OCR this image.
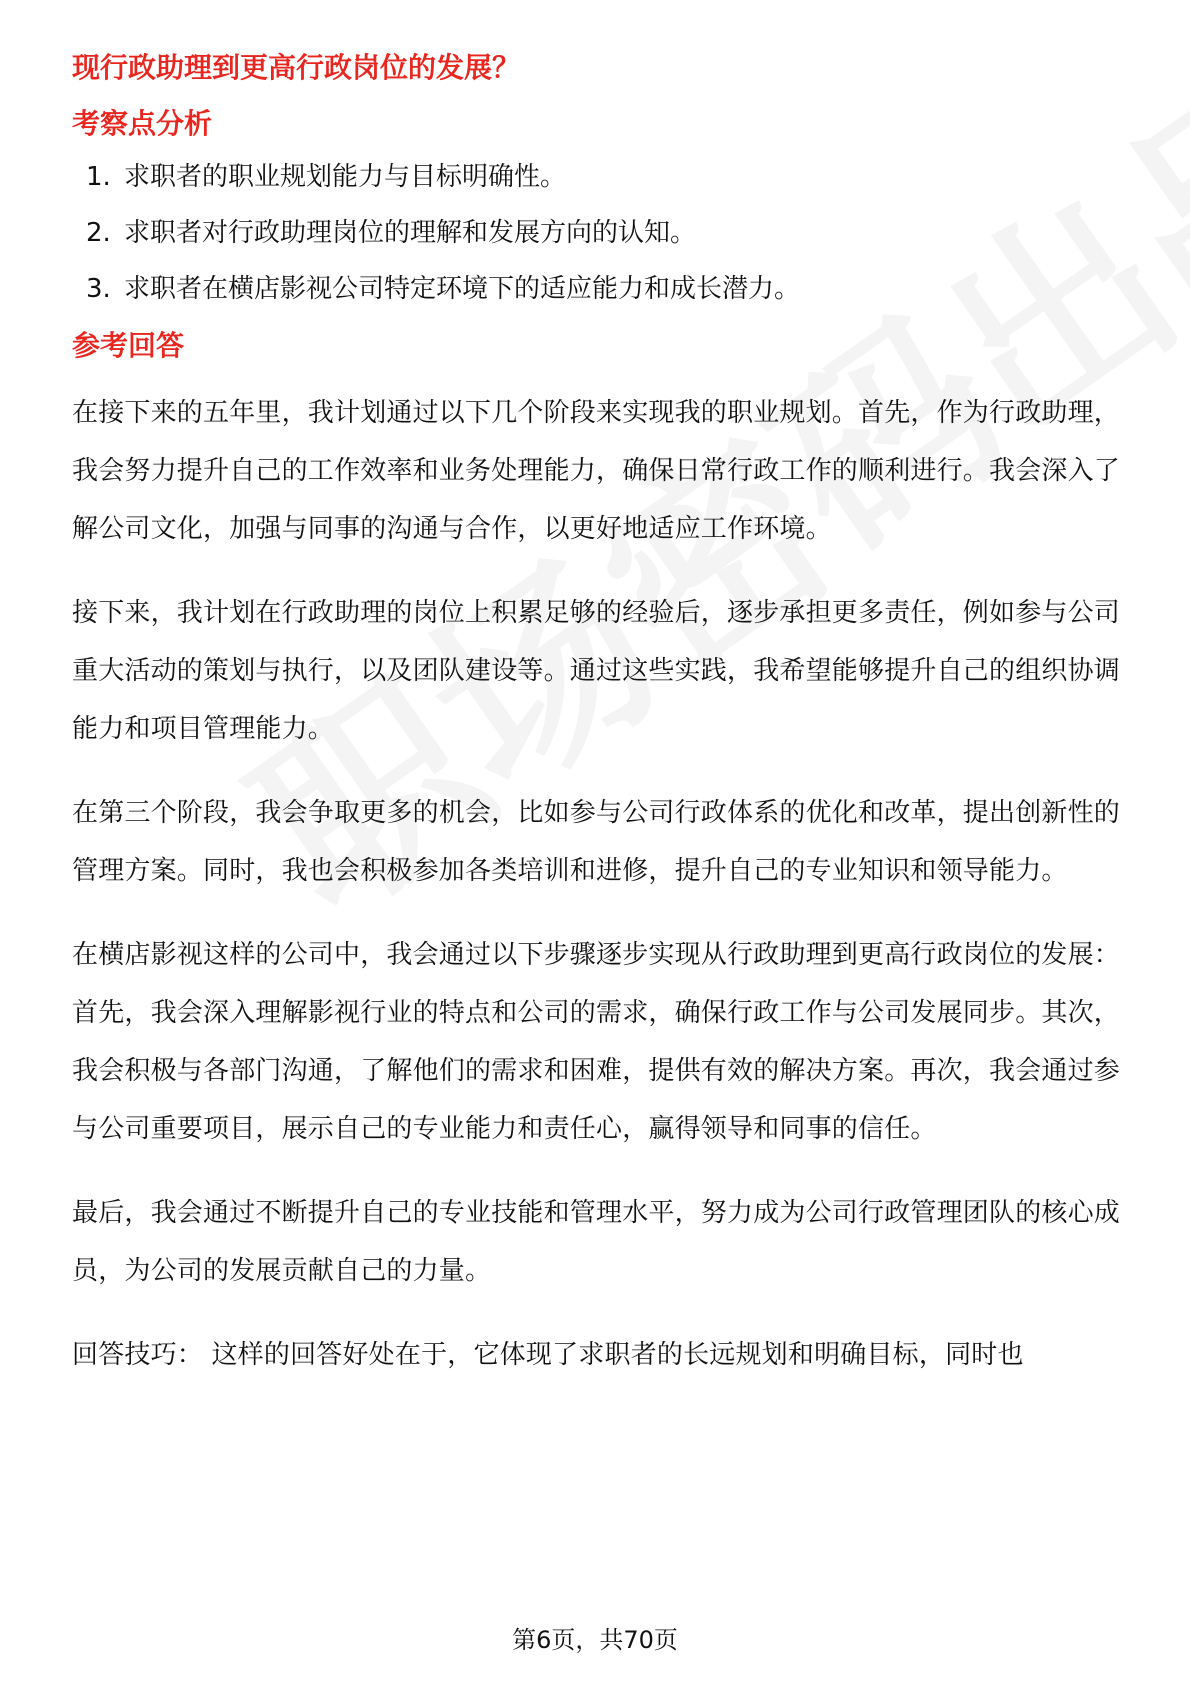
现行政助理到更高行政岗位的发展？
考察点分析
1. 求职者的职业规划能力与目标明确性。
2. 求职者对行政助理岗位的理解和发展方向的认知。
3. 求职者在横店影视公司特定环境下的适应能力和成长潜力。
参考回答

在接下来的五年里，我计划通过以下几个阶段来实现我的职业规划。首先，作为行政助理，我会努力提升自己的工作效率和业务处理能力，确保日常行政工作的顺利进行。我会深入了解公司文化，加强与同事的沟通与合作，以更好地适应工作环境。

接下来，我计划在行政助理的岗位上积累足够的经验后，逐步承担更多责任，例如参与公司重大活动的策划与执行，以及团队建设等。通过这些实践，我希望能够提升自己的组织协调能力和项目管理能力。

在第三个阶段，我会争取更多的机会，比如参与公司行政体系的优化和改革，提出创新性的管理方案。同时，我也会积极参加各类培训和进修，提升自己的专业知识和领导能力。

在横店影视这样的公司中，我会通过以下步骤逐步实现从行政助理到更高行政岗位的发展：首先，我会深入理解影视行业的特点和公司的需求，确保行政工作与公司发展同步。其次，我会积极与各部门沟通，了解他们的需求和困难，提供有效的解决方案。再次，我会通过参与公司重要项目，展示自己的专业能力和责任心，赢得领导和同事的信任。

最后，我会通过不断提升自己的专业技能和管理水平，努力成为公司行政管理团队的核心成员，为公司的发展贡献自己的力量。

回答技巧： 这样的回答好处在于，它体现了求职者的长远规划和明确目标，同时也

第6页，共70页
